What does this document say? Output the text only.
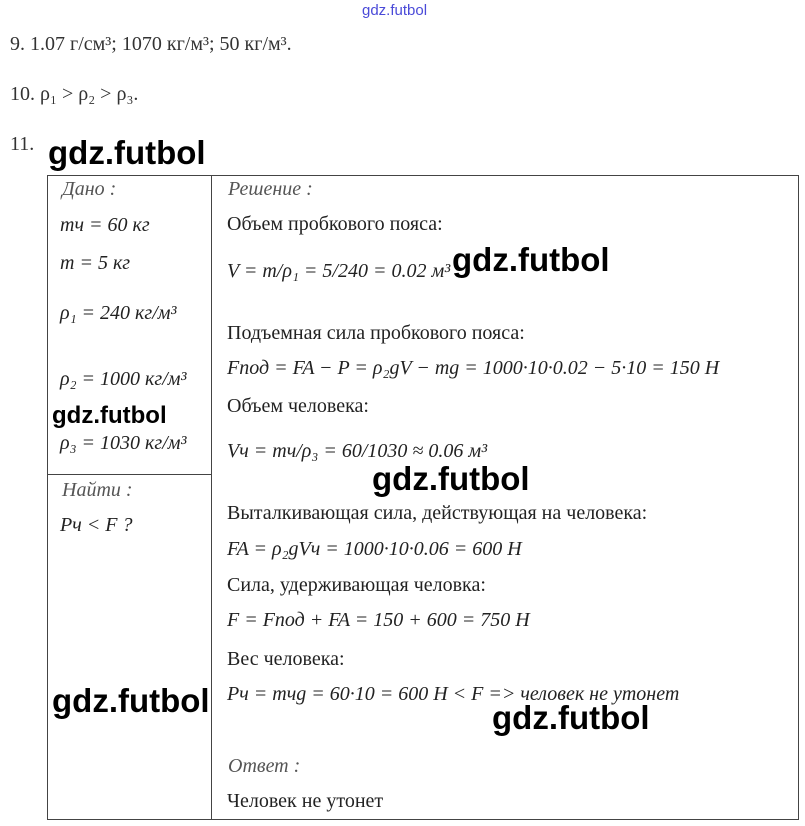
gdz.futbol
9. 1.07 г/см³; 1070 кг/м³; 50 кг/м³.
10. ρ₁ > ρ₂ > ρ₃.
11. gdz.futbol
Дано :
mч = 60 кг
m = 5 кг
ρ₁ = 240 кг/м³
ρ₂ = 1000 кг/м³
ρ₃ = 1030 кг/м³
gdz.futbol
Найти :
Pч < F ?
gdz.futbol
Решение :
Объем пробкового пояса:
V = m/ρ₁ = 5/240 = 0.02 м³ gdz.futbol
Подъемная сила пробкового пояса:
Fпод = FA − P = ρ₂gV − mg = 1000·10·0.02 − 5·10 = 150 Н
Объем человека:
Vч = mч/ρ₃ = 60/1030 ≈ 0.06 м³
gdz.futbol
Выталкивающая сила, действующая на человека:
FA = ρ₂gVч = 1000·10·0.06 = 600 Н
Сила, удерживающая человка:
F = Fпод + FA = 150 + 600 = 750 Н
Вес человека:
Pч = mчg = 60·10 = 600 Н < F => человек не утонет
gdz.futbol
Ответ :
Человек не утонет
